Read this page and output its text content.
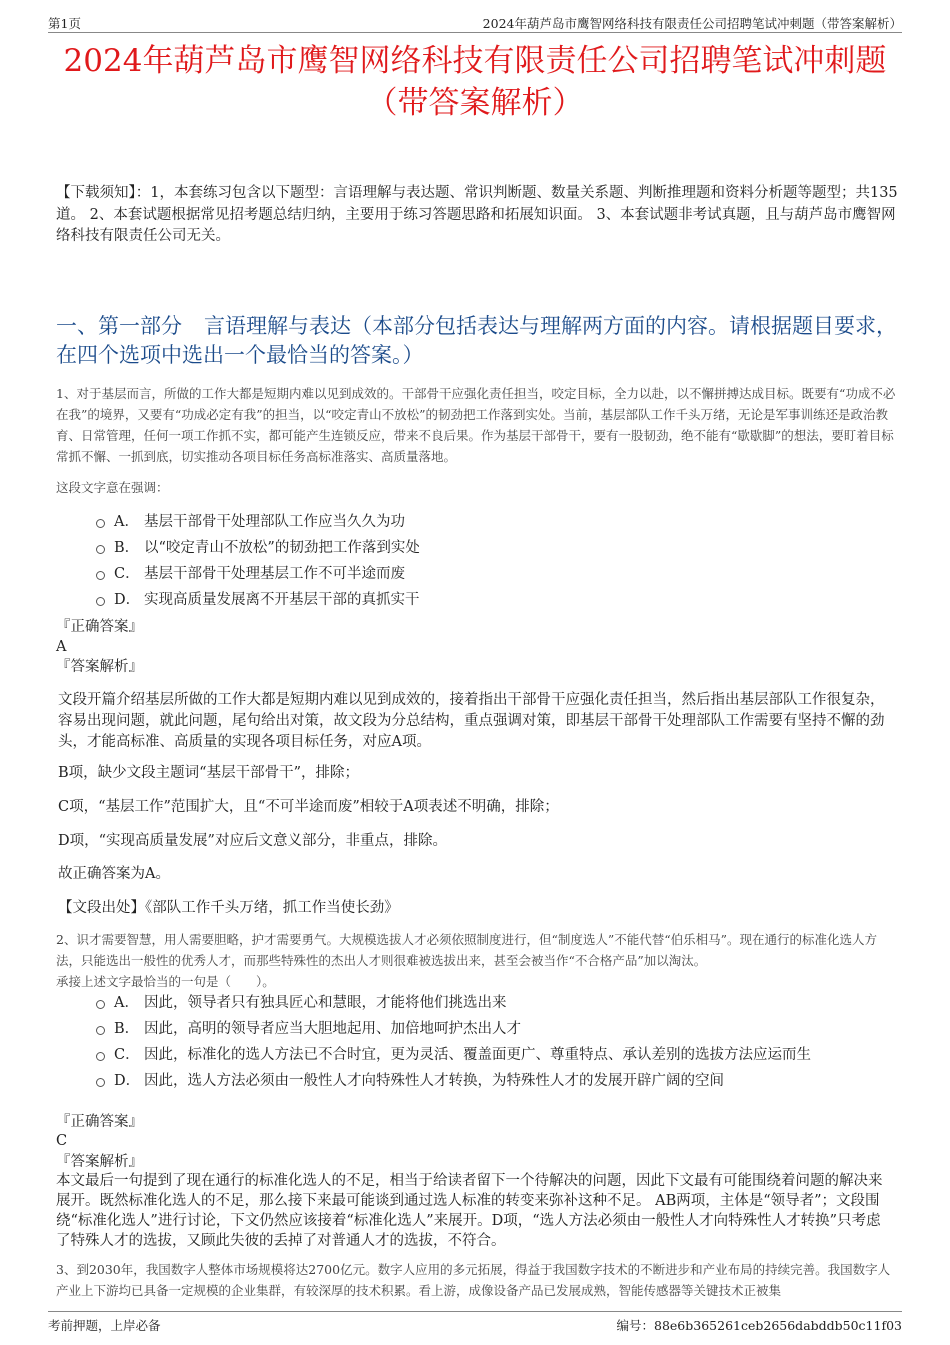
第1页	2024年葫芦岛市鹰智网络科技有限责任公司招聘笔试冲刺题（带答案解析）
2024年葫芦岛市鹰智网络科技有限责任公司招聘笔试冲刺题
（带答案解析）
【下载须知】：1，本套练习包含以下题型：言语理解与表达题、常识判断题、数量关系题、判断推理题和资料分析题等题型；共135道。 2、本套试题根据常见招考题总结归纳，主要用于练习答题思路和拓展知识面。 3、本套试题非考试真题，且与葫芦岛市鹰智网络科技有限责任公司无关。
一、第一部分 言语理解与表达（本部分包括表达与理解两方面的内容。请根据题目要求，在四个选项中选出一个最恰当的答案。）
1、对于基层而言，所做的工作大都是短期内难以见到成效的。干部骨干应强化责任担当，咬定目标，全力以赴，以不懈拼搏达成目标。既要有“功成不必在我”的境界，又要有“功成必定有我”的担当，以“咬定青山不放松”的韧劲把工作落到实处。当前，基层部队工作千头万绪，无论是军事训练还是政治教育、日常管理，任何一项工作抓不实，都可能产生连锁反应，带来不良后果。作为基层干部骨干，要有一股韧劲，绝不能有“歇歇脚”的想法，要盯着目标常抓不懈、一抓到底，切实推动各项目标任务高标准落实、高质量落地。
这段文字意在强调：
A． 基层干部骨干处理部队工作应当久久为功
B． 以“咬定青山不放松”的韧劲把工作落到实处
C． 基层干部骨干处理基层工作不可半途而废
D． 实现高质量发展离不开基层干部的真抓实干
『正确答案』
A
『答案解析』
文段开篇介绍基层所做的工作大都是短期内难以见到成效的，接着指出干部骨干应强化责任担当，然后指出基层部队工作很复杂，容易出现问题，就此问题，尾句给出对策，故文段为分总结构，重点强调对策，即基层干部骨干处理部队工作需要有坚持不懈的劲头，才能高标准、高质量的实现各项目标任务，对应A项。
B项，缺少文段主题词“基层干部骨干”，排除；
C项，“基层工作”范围扩大，且“不可半途而废”相较于A项表述不明确，排除；
D项，“实现高质量发展”对应后文意义部分，非重点，排除。
故正确答案为A。
【文段出处】《部队工作千头万绪，抓工作当使长劲》
2、识才需要智慧，用人需要胆略，护才需要勇气。大规模选拔人才必须依照制度进行，但“制度选人”不能代替“伯乐相马”。现在通行的标准化选人方法，只能选出一般性的优秀人才，而那些特殊性的杰出人才则很难被选拔出来，甚至会被当作“不合格产品”加以淘汰。
承接上述文字最恰当的一句是（　　）。
A． 因此，领导者只有独具匠心和慧眼，才能将他们挑选出来
B． 因此，高明的领导者应当大胆地起用、加倍地呵护杰出人才
C． 因此，标准化的选人方法已不合时宜，更为灵活、覆盖面更广、尊重特点、承认差别的选拔方法应运而生
D． 因此，选人方法必须由一般性人才向特殊性人才转换，为特殊性人才的发展开辟广阔的空间
『正确答案』
C
『答案解析』
本文最后一句提到了现在通行的标准化选人的不足，相当于给读者留下一个待解决的问题，因此下文最有可能围绕着问题的解决来展开。既然标准化选人的不足，那么接下来最可能谈到通过选人标准的转变来弥补这种不足。 AB两项，主体是“领导者”；文段围绕“标准化选人”进行讨论，下文仍然应该接着“标准化选人”来展开。D项，“选人方法必须由一般性人才向特殊性人才转换”只考虑了特殊人才的选拔，又顾此失彼的丢掉了对普通人才的选拔，不符合。
3、到2030年，我国数字人整体市场规模将达2700亿元。数字人应用的多元拓展，得益于我国数字技术的不断进步和产业布局的持续完善。我国数字人产业上下游均已具备一定规模的企业集群，有较深厚的技术积累。看上游，成像设备产品已发展成熟，智能传感器等关键技术正被集
考前押题，上岸必备	编号：88e6b365261ceb2656dabddb50c11f03
